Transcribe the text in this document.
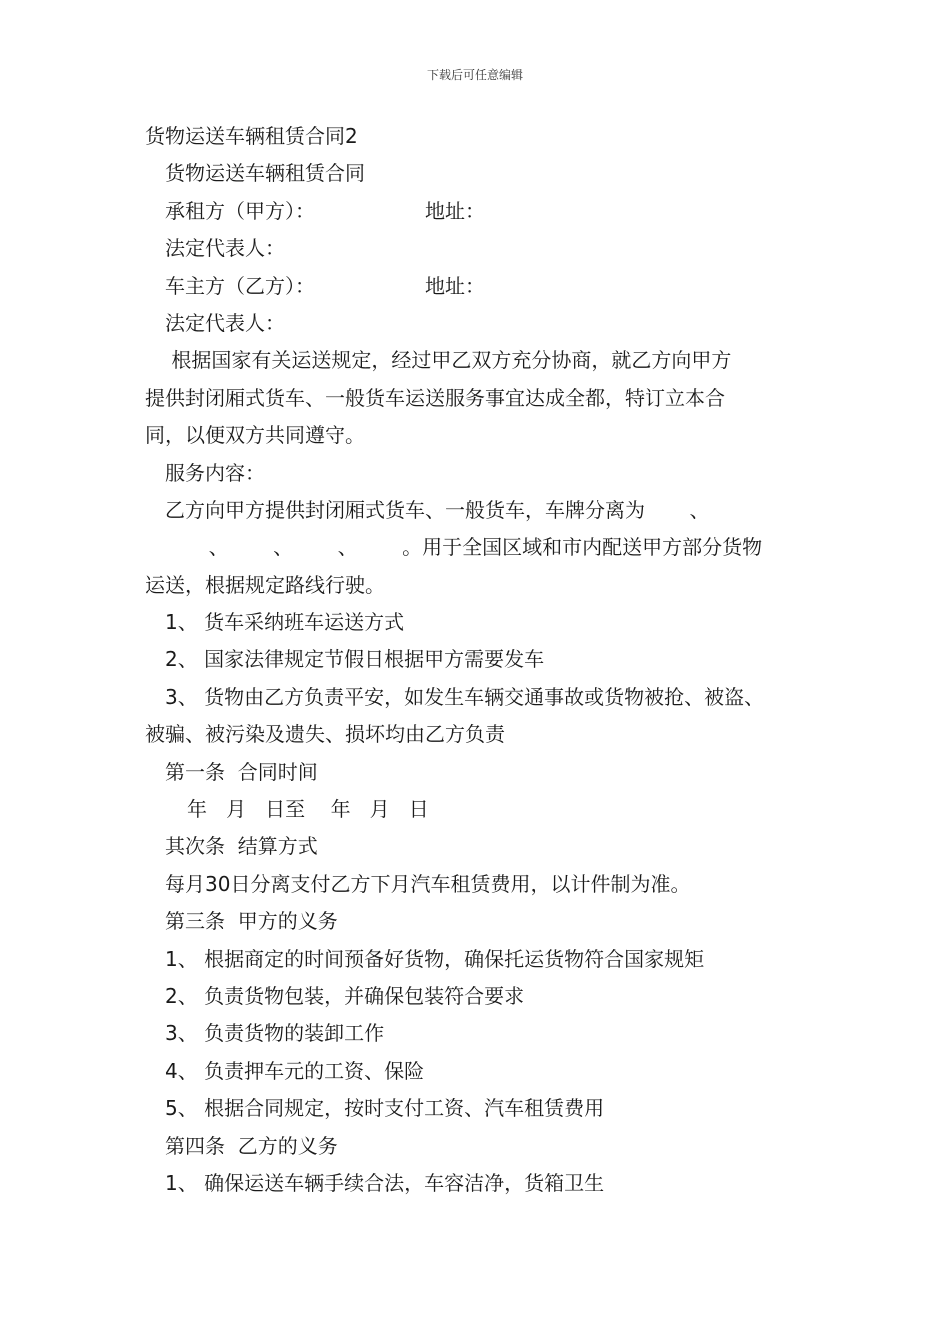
下载后可任意编辑
货物运送车辆租赁合同2
货物运送车辆租赁合同
承租方（甲方）：	地址：
法定代表人：
车主方（乙方）：	地址：
法定代表人：
根据国家有关运送规定，经过甲乙双方充分协商，就乙方向甲方
提供封闭厢式货车、一般货车运送服务事宜达成全都，特订立本合
同，以便双方共同遵守。
服务内容：
乙方向甲方提供封闭厢式货车、一般货车，车牌分离为       、
、       、       、       。用于全国区域和市内配送甲方部分货物
运送，根据规定路线行驶。
1、 货车采纳班车运送方式
2、 国家法律规定节假日根据甲方需要发车
3、 货物由乙方负责平安，如发生车辆交通事故或货物被抢、被盗、
被骗、被污染及遗失、损坏均由乙方负责
第一条  合同时间
年   月   日至    年   月   日
其次条  结算方式
每月30日分离支付乙方下月汽车租赁费用，以计件制为准。
第三条  甲方的义务
1、 根据商定的时间预备好货物，确保托运货物符合国家规矩
2、 负责货物包装，并确保包装符合要求
3、 负责货物的装卸工作
4、 负责押车元的工资、保险
5、 根据合同规定，按时支付工资、汽车租赁费用
第四条  乙方的义务
1、 确保运送车辆手续合法，车容洁净，货箱卫生
